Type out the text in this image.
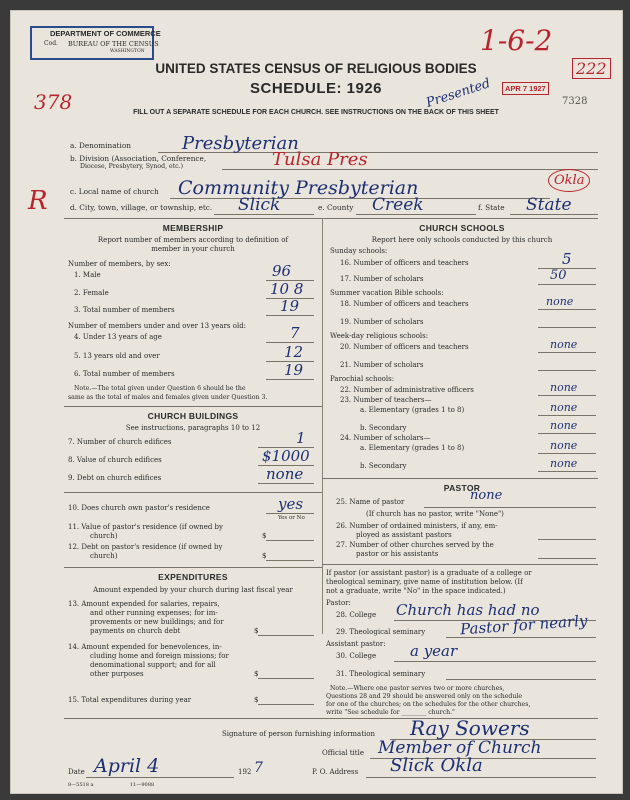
DEPARTMENT OF COMMERCE
Cod. BUREAU OF THE CENSUS
WASHINGTON
UNITED STATES CENSUS OF RELIGIOUS BODIES
SCHEDULE: 1926
FILL OUT A SEPARATE SCHEDULE FOR EACH CHURCH. SEE INSTRUCTIONS ON THE BACK OF THIS SHEET
378
1-6-2
222
Presented	APR 7 1927
7328
R
a. Denomination	Presbyterian
b. Division (Association, Conference,
Diocese, Presbytery, Synod, etc.)	Tulsa Pres
c. Local name of church Community Presbyterian	Okla
d. City, town, village, or township, etc. Slick	e. County Creek	f. State State
MEMBERSHIP
Report number of members according to definition of
member in your church
Number of members, by sex:
1. Male	96
2. Female	10 8
3. Total number of members	19
Number of members under and over 13 years old:
4. Under 13 years of age	7
5. 13 years old and over	12
6. Total number of members	19
Note.—The total given under Question 6 should be the
same as the total of males and females given under Question 3.
CHURCH BUILDINGS
See instructions, paragraphs 10 to 12
7. Number of church edifices	1
8. Value of church edifices	$1000
9. Debt on church edifices	none
10. Does church own pastor's residence	yes
Yes or No
11. Value of pastor's residence (if owned by
church)	$
12. Debt on pastor's residence (if owned by
church)	$
EXPENDITURES
Amount expended by your church during last fiscal year
13. Amount expended for salaries, repairs,
and other running expenses; for im-
provements or new buildings; and for
payments on church debt	$
14. Amount expended for benevolences, in-
cluding home and foreign missions; for
denominational support; and for all
other purposes	$
15. Total expenditures during year	$
CHURCH SCHOOLS
Report here only schools conducted by this church
Sunday schools:
16. Number of officers and teachers	5
17. Number of scholars	50
Summer vacation Bible schools:
18. Number of officers and teachers	none
19. Number of scholars
Week-day religious schools:
20. Number of officers and teachers	none
21. Number of scholars
Parochial schools:
22. Number of administrative officers	none
23. Number of teachers—
a. Elementary (grades 1 to 8)	none
b. Secondary	none
24. Number of scholars—
a. Elementary (grades 1 to 8)	none
b. Secondary	none
PASTOR
25. Name of pastor	none
(If church has no pastor, write "None")
26. Number of ordained ministers, if any, em-
ployed as assistant pastors
27. Number of other churches served by the
pastor or his assistants
If pastor (or assistant pastor) is a graduate of a college or
theological seminary, give name of institution below. (If
not a graduate, write "No" in the space indicated.)
Pastor:
28. College Church has had no
29. Theological seminary Pastor for nearly
Assistant pastor:
30. College a year
31. Theological seminary
Note.—Where one pastor serves two or more churches,
Questions 28 and 29 should be answered only on the schedule
for one of the churches; on the schedules for the other churches,
write "See schedule for ________ church."
Signature of person furnishing information Ray Sowers
Official title Member of Church
Date April 4	192 7	P. O. Address Slick Okla
8—5518 a	11—9088
